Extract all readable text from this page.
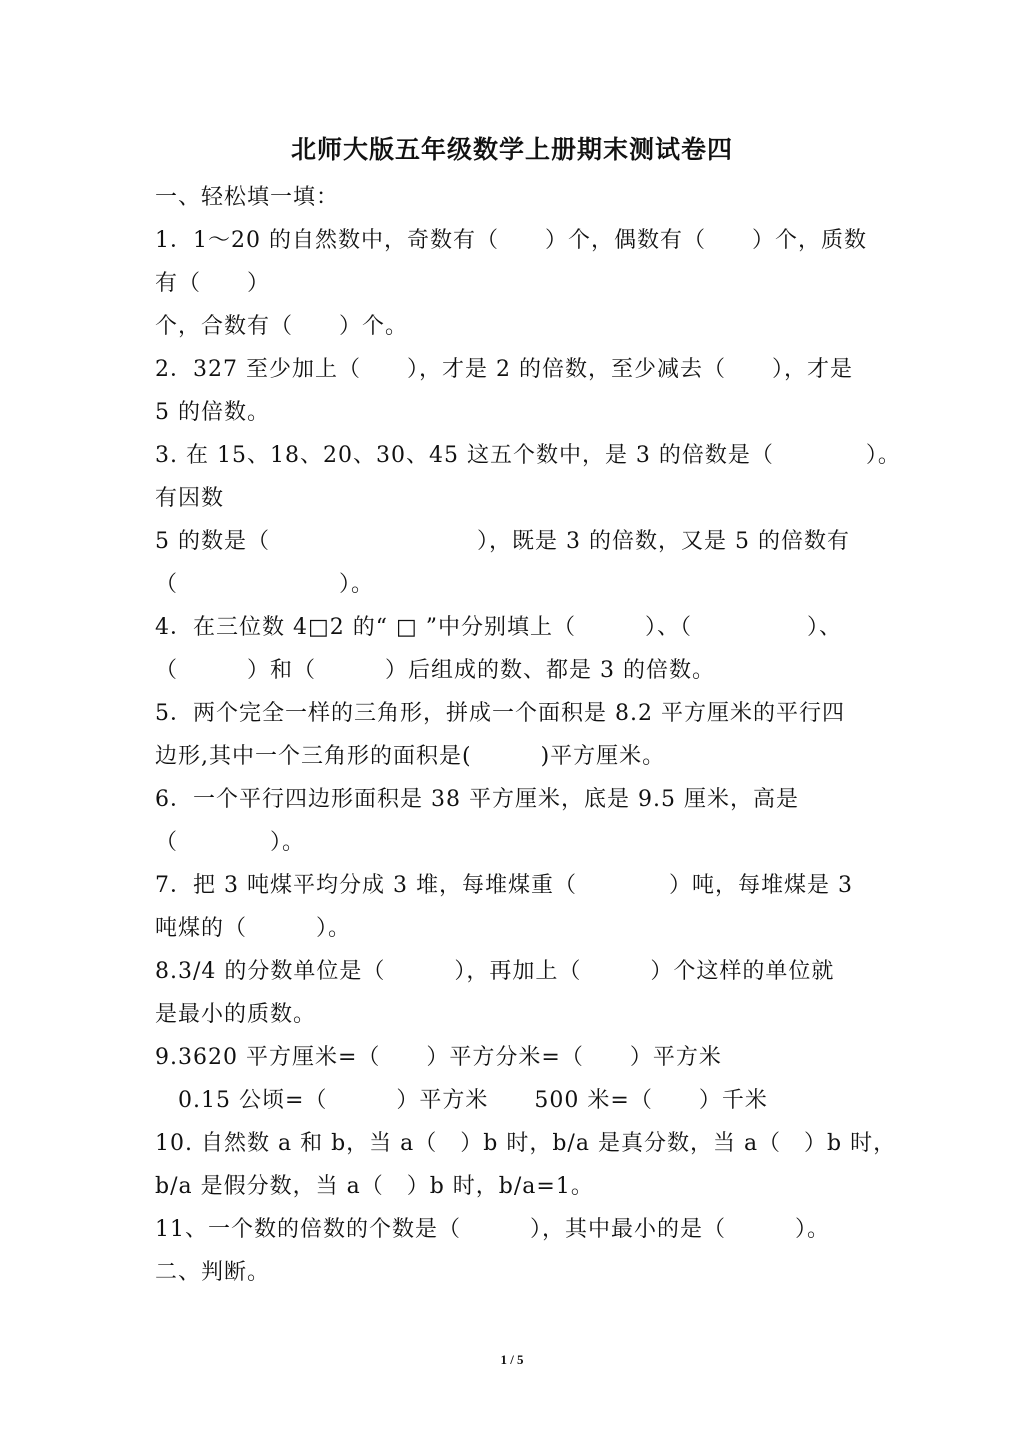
北师大版五年级数学上册期末测试卷四
一、轻松填一填：
1．1～20 的自然数中，奇数有（　　）个，偶数有（　　）个，质数
有（　　）
个，合数有（　　）个。
2．327 至少加上（　　），才是 2 的倍数，至少减去（　　），才是
5 的倍数。
3. 在 15、18、20、30、45 这五个数中，是 3 的倍数是（　　　　）。
有因数
5 的数是（　　　　　　　　　），既是 3 的倍数，又是 5 的倍数有
（　　　　　　　）。
4．在三位数 4□2 的“ □ ”中分别填上（　　　）、（　　　　　）、
（　　　）和（　　　）后组成的数、都是 3 的倍数。
5．两个完全一样的三角形，拼成一个面积是 8.2 平方厘米的平行四
边形,其中一个三角形的面积是(　　　)平方厘米。
6．一个平行四边形面积是 38 平方厘米，底是 9.5 厘米，高是
（　　　　）。
7．把 3 吨煤平均分成 3 堆，每堆煤重（　　　　）吨，每堆煤是 3
吨煤的（　　　）。
8.3/4 的分数单位是（　　　），再加上（　　　）个这样的单位就
是最小的质数。
9.3620 平方厘米=（　　）平方分米=（　　）平方米
　0.15 公顷=（　　　）平方米　　500 米=（　　）千米
10. 自然数 a 和 b，当 a（　）b 时，b/a 是真分数，当 a（　）b 时，
b/a 是假分数，当 a（　）b 时，b/a=1。
11、一个数的倍数的个数是（　　　），其中最小的是（　　　）。
二、判断。
1 / 5
